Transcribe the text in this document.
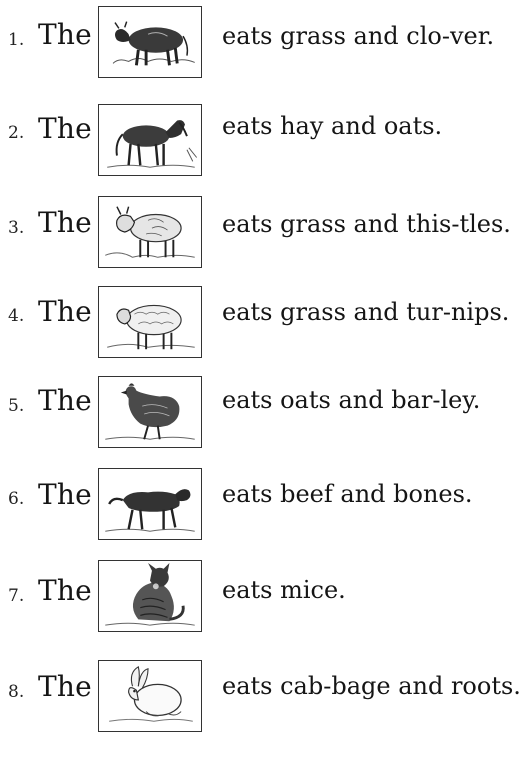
1. The	eats grass and clo-ver.
2. The	eats hay and oats.
3. The	eats grass and this-tles.
4. The	eats grass and tur-nips.
5. The	eats oats and bar-ley.
6. The	eats beef and bones.
7. The	eats mice.
8. The	eats cab-bage and roots.
